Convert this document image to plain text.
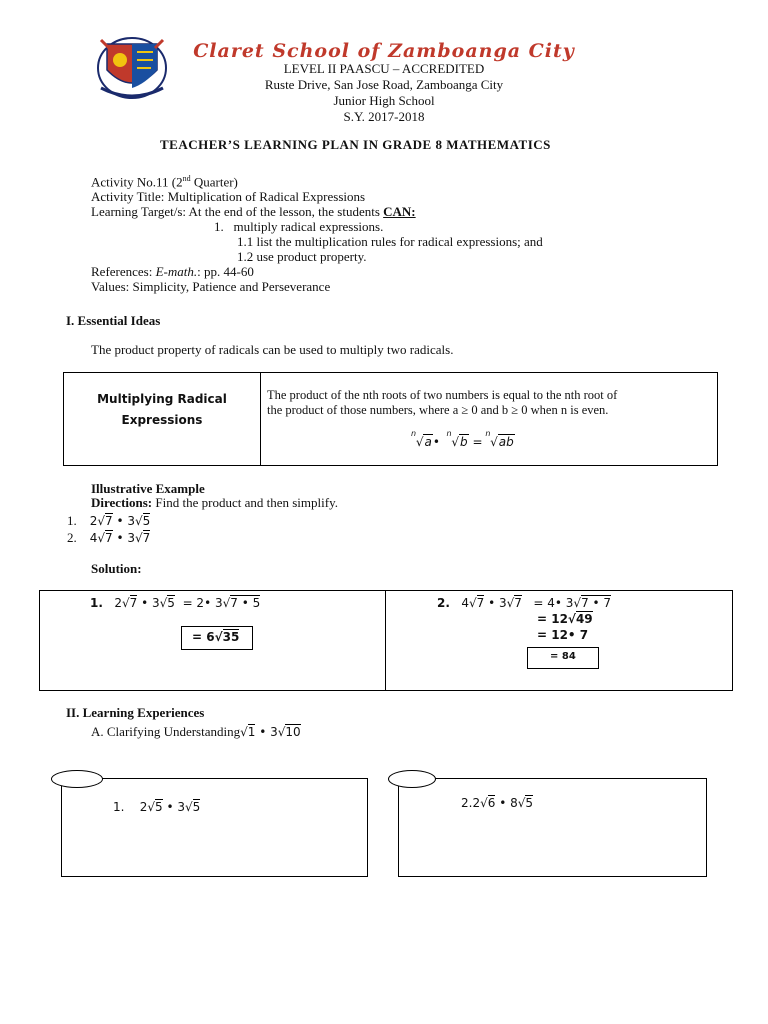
Claret School of Zamboanga City
LEVEL II PAASCU – ACCREDITED
Ruste Drive, San Jose Road, Zamboanga City
Junior High School
S.Y. 2017-2018
TEACHER’S LEARNING PLAN IN GRADE 8 MATHEMATICS
Activity No.11 (2nd Quarter)
Activity Title: Multiplication of Radical Expressions
Learning Target/s: At the end of the lesson, the students CAN:
1. multiply radical expressions.
1.1 list the multiplication rules for radical expressions; and
1.2 use product property.
References: E-math.: pp. 44-60
Values: Simplicity, Patience and Perseverance
I. Essential Ideas
The product property of radicals can be used to multiply two radicals.
Multiplying Radical
Expressions
The product of the nth roots of two numbers is equal to the nth root of
the product of those numbers, where a ≥ 0 and b ≥ 0 when n is even.
n
√a•
n
√b =
n
√ab
Illustrative Example
Directions: Find the product and then simplify.
1. 2√7 • 3√5
2. 4√7 • 3√7
Solution:
1.   2√7 • 3√5  = 2• 3√7 • 5
= 6√35
2.   4√7 • 3√7   = 4• 3√7 • 7
= 12√49
= 12• 7
= 84
II. Learning Experiences
A. Clarifying Understanding√1 • 3√10
1.    2√5 • 3√5	2.2√6 • 8√5
